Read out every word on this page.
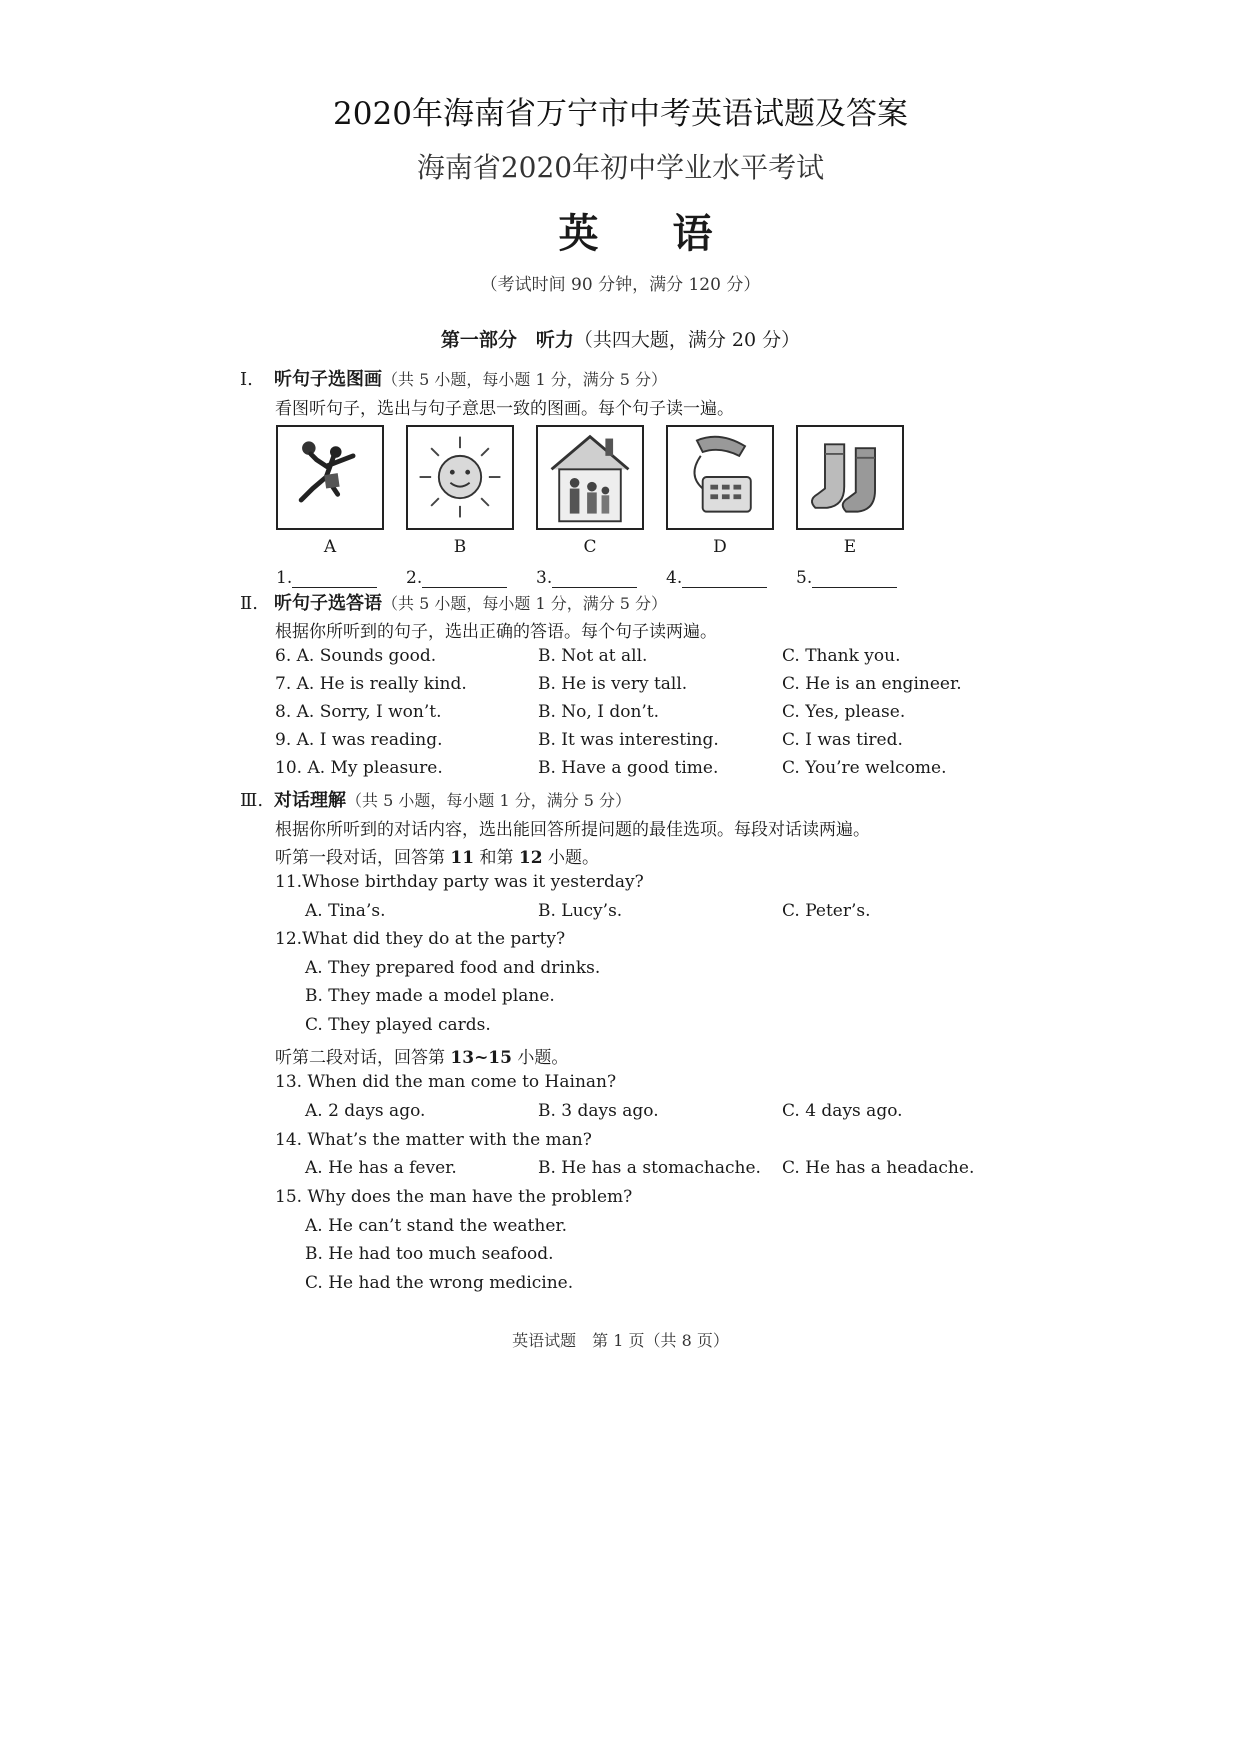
2020年海南省万宁市中考英语试题及答案
海南省2020年初中学业水平考试
英 语
（考试时间 90 分钟，满分 120 分）
第一部分　听力（共四大题，满分 20 分）
Ⅰ. 听句子选图画（共 5 小题，每小题 1 分，满分 5 分）
看图听句子，选出与句子意思一致的图画。每个句子读一遍。
A	B	C	D	E
1.	2.	3.	4.	5.
Ⅱ. 听句子选答语（共 5 小题，每小题 1 分，满分 5 分）
根据你所听到的句子，选出正确的答语。每个句子读两遍。
6. A. Sounds good.	B. Not at all.	C. Thank you.
7. A. He is really kind.	B. He is very tall.	C. He is an engineer.
8. A. Sorry, I won’t.	B. No, I don’t.	C. Yes, please.
9. A. I was reading.	B. It was interesting.	C. I was tired.
10. A. My pleasure.	B. Have a good time.	C. You’re welcome.
Ⅲ. 对话理解（共 5 小题，每小题 1 分，满分 5 分）
根据你所听到的对话内容，选出能回答所提问题的最佳选项。每段对话读两遍。
听第一段对话，回答第 11 和第 12 小题。
11.Whose birthday party was it yesterday?
A. Tina’s.	B. Lucy’s.	C. Peter’s.
12.What did they do at the party?
A. They prepared food and drinks.
B. They made a model plane.
C. They played cards.
听第二段对话，回答第 13~15 小题。
13. When did the man come to Hainan?
A. 2 days ago.	B. 3 days ago.	C. 4 days ago.
14. What’s the matter with the man?
A. He has a fever.	B. He has a stomachache. C. He has a headache.
15. Why does the man have the problem?
A. He can’t stand the weather.
B. He had too much seafood.
C. He had the wrong medicine.
英语试题　第 1 页（共 8 页）
